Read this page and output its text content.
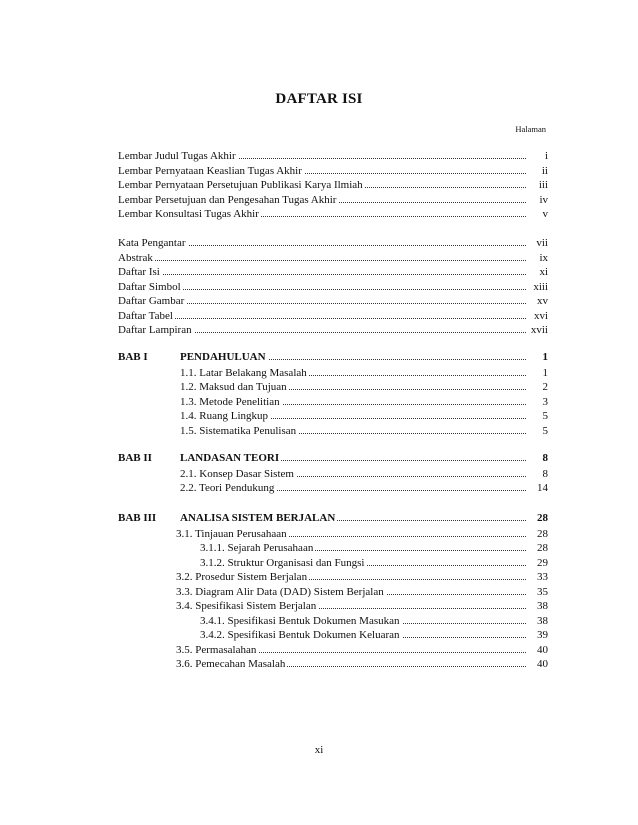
DAFTAR ISI
Halaman
Lembar Judul Tugas Akhir	i
Lembar Pernyataan Keaslian Tugas Akhir	ii
Lembar Pernyataan Persetujuan Publikasi Karya Ilmiah	iii
Lembar Persetujuan dan Pengesahan Tugas Akhir	iv
Lembar Konsultasi Tugas Akhir	v
Kata Pengantar	vii
Abstrak	ix
Daftar Isi	xi
Daftar Simbol	xiii
Daftar Gambar	xv
Daftar Tabel	xvi
Daftar Lampiran	xvii
BAB I	PENDAHULUAN	1
1.1. Latar Belakang Masalah	1
1.2. Maksud dan Tujuan	2
1.3. Metode Penelitian	3
1.4. Ruang Lingkup	5
1.5. Sistematika Penulisan	5
BAB II	LANDASAN TEORI	8
2.1. Konsep Dasar Sistem	8
2.2. Teori Pendukung	14
BAB III ANALISA SISTEM BERJALAN	28
3.1. Tinjauan Perusahaan	28
3.1.1. Sejarah Perusahaan	28
3.1.2. Struktur Organisasi dan Fungsi	29
3.2. Prosedur Sistem Berjalan	33
3.3. Diagram Alir Data (DAD) Sistem Berjalan	35
3.4. Spesifikasi Sistem Berjalan	38
3.4.1. Spesifikasi Bentuk Dokumen Masukan	38
3.4.2. Spesifikasi Bentuk Dokumen Keluaran	39
3.5. Permasalahan	40
3.6. Pemecahan Masalah	40
xi
